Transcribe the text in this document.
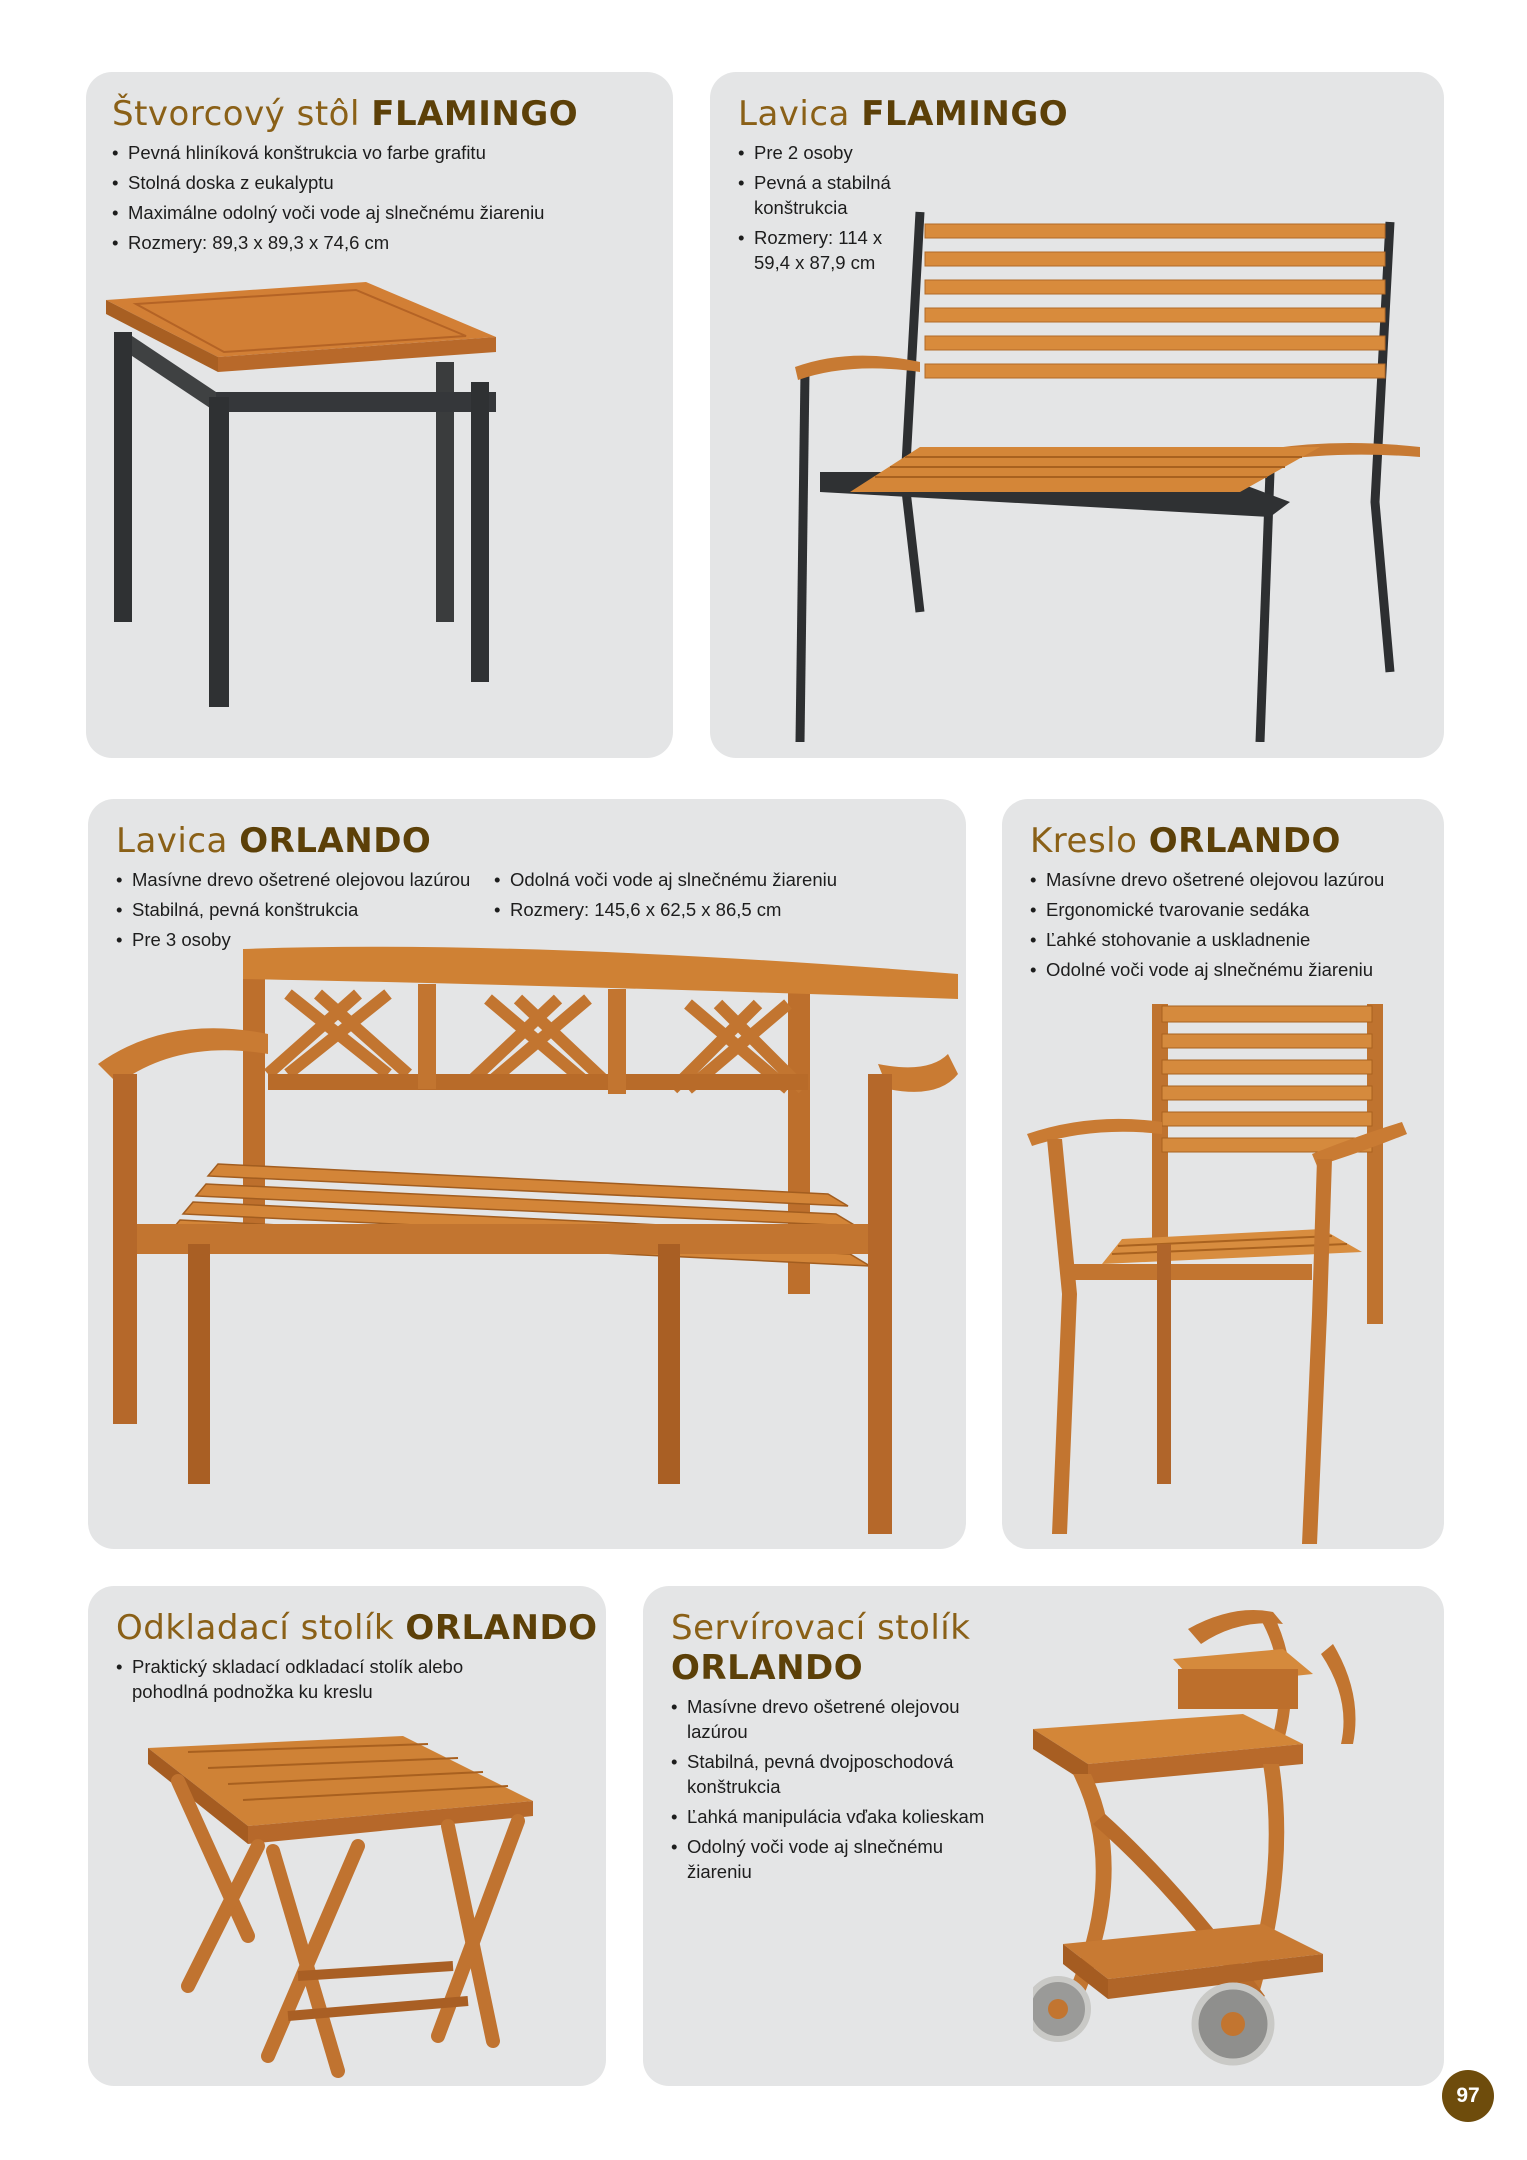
Štvorcový stôl FLAMINGO
• Pevná hliníková konštrukcia vo farbe grafitu
• Stolná doska z eukalyptu
• Maximálne odolný voči vode aj slnečnému žiareniu
• Rozmery: 89,3 x 89,3 x 74,6 cm
Lavica FLAMINGO
• Pre 2 osoby
• Pevná a stabilná konštrukcia
• Rozmery: 114 x 59,4 x 87,9 cm
Lavica ORLANDO
• Masívne drevo ošetrené olejovou lazúrou
• Stabilná, pevná konštrukcia
• Pre 3 osoby
• Odolná voči vode aj slnečnému žiareniu
• Rozmery: 145,6 x 62,5 x 86,5 cm
Kreslo ORLANDO
• Masívne drevo ošetrené olejovou lazúrou
• Ergonomické tvarovanie sedáka
• Ľahké stohovanie a uskladnenie
• Odolné voči vode aj slnečnému žiareniu
Odkladací stolík ORLANDO
• Praktický skladací odkladací stolík alebo pohodlná podnožka ku kreslu
Servírovací stolík
ORLANDO
• Masívne drevo ošetrené olejovou lazúrou
• Stabilná, pevná dvojposchodová konštrukcia
• Ľahká manipulácia vďaka kolieskam
• Odolný voči vode aj slnečnému žiareniu
97
